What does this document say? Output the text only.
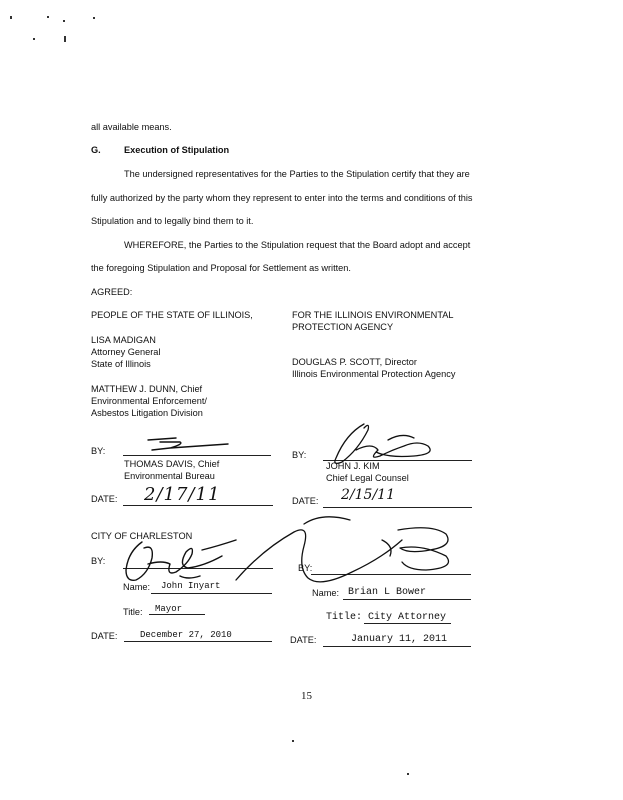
all available means.
G.	Execution of Stipulation
The undersigned representatives for the Parties to the Stipulation certify that they are
fully authorized by the party whom they represent to enter into the terms and conditions of this
Stipulation and to legally bind them to it.
WHEREFORE, the Parties to the Stipulation request that the Board adopt and accept
the foregoing Stipulation and Proposal for Settlement as written.
AGREED:
PEOPLE OF THE STATE OF ILLINOIS,
LISA MADIGAN
Attorney General
State of Illinois
MATTHEW J. DUNN, Chief
Environmental Enforcement/
Asbestos Litigation Division
FOR THE ILLINOIS ENVIRONMENTAL
PROTECTION AGENCY
DOUGLAS P. SCOTT, Director
Illinois Environmental Protection Agency
BY:
THOMAS DAVIS, Chief
Environmental Bureau
BY:
JOHN J. KIM
Chief Legal Counsel
DATE: 2/17/11	DATE: 2/15/11
CITY OF CHARLESTON
BY:
BY:
Name: John Inyart
Name: Brian L Bower
Title: Mayor
Title: City Attorney
DATE:	December 27, 2010	DATE:	January 11, 2011
15
